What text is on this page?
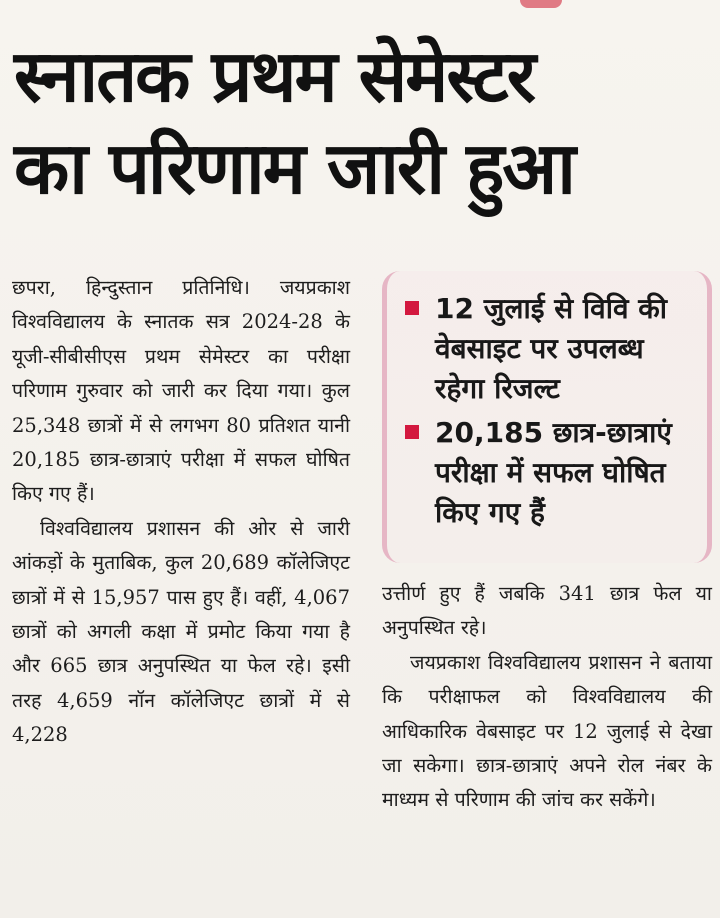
स्नातक प्रथम सेमेस्टर
का परिणाम जारी हुआ

छपरा, हिन्दुस्तान प्रतिनिधि। जयप्रकाश विश्वविद्यालय के स्नातक सत्र 2024-28 के यूजी-सीबीसीएस प्रथम सेमेस्टर का परीक्षा परिणाम गुरुवार को जारी कर दिया गया। कुल 25,348 छात्रों में से लगभग 80 प्रतिशत यानी 20,185 छात्र-छात्राएं परीक्षा में सफल घोषित किए गए हैं।

विश्वविद्यालय प्रशासन की ओर से जारी आंकड़ों के मुताबिक, कुल 20,689 कॉलेजिएट छात्रों में से 15,957 पास हुए हैं। वहीं, 4,067 छात्रों को अगली कक्षा में प्रमोट किया गया है और 665 छात्र अनुपस्थित या फेल रहे। इसी तरह 4,659 नॉन कॉलेजिएट छात्रों में से 4,228

12 जुलाई से विवि की वेबसाइट पर उपलब्ध रहेगा रिजल्ट
20,185 छात्र-छात्राएं परीक्षा में सफल घोषित किए गए हैं

उत्तीर्ण हुए हैं जबकि 341 छात्र फेल या अनुपस्थित रहे।

जयप्रकाश विश्वविद्यालय प्रशासन ने बताया कि परीक्षाफल को विश्वविद्यालय की आधिकारिक वेबसाइट पर 12 जुलाई से देखा जा सकेगा। छात्र-छात्राएं अपने रोल नंबर के माध्यम से परिणाम की जांच कर सकेंगे।
